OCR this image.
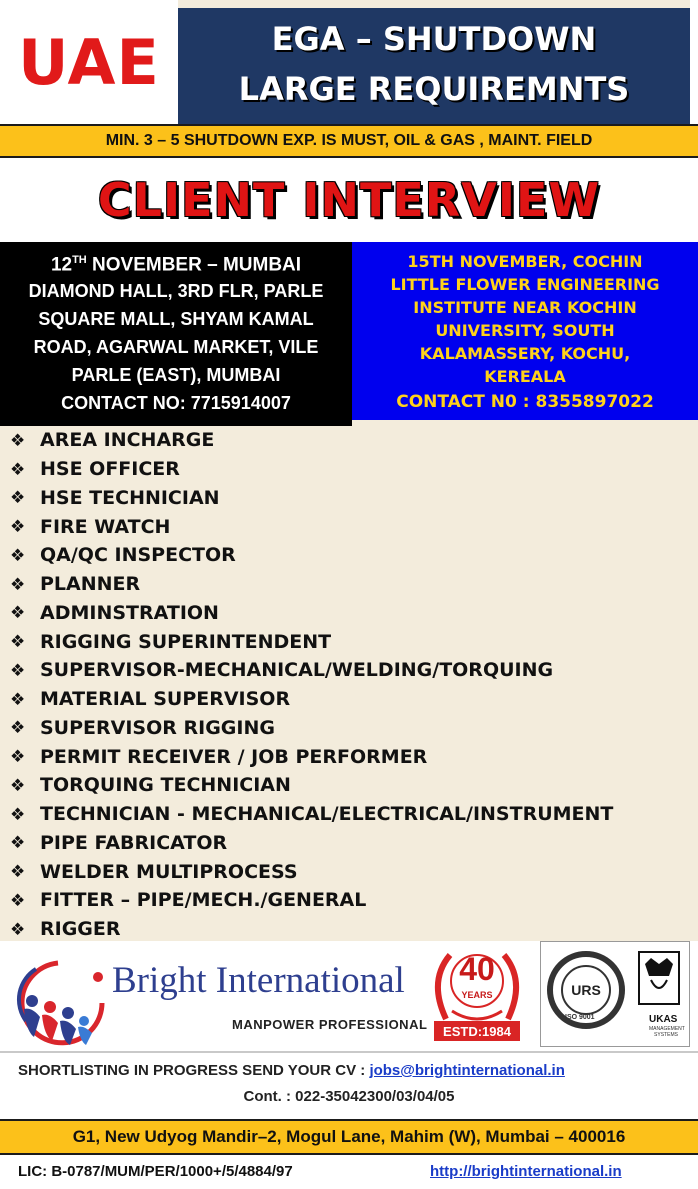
UAE	EGA – SHUTDOWN
LARGE REQUIREMNTS
MIN. 3 – 5 SHUTDOWN EXP. IS MUST, OIL & GAS , MAINT. FIELD
CLIENT INTERVIEW
12TH NOVEMBER – MUMBAI
DIAMOND HALL, 3RD FLR, PARLE
SQUARE MALL, SHYAM KAMAL
ROAD, AGARWAL MARKET, VILE
PARLE (EAST), MUMBAI
CONTACT NO: 7715914007
15TH NOVEMBER, COCHIN
LITTLE FLOWER ENGINEERING
INSTITUTE NEAR KOCHIN
UNIVERSITY, SOUTH
KALAMASSERY, KOCHU,
KEREALA
CONTACT N0 : 8355897022
❖ AREA INCHARGE
❖ HSE OFFICER
❖ HSE TECHNICIAN
❖ FIRE WATCH
❖ QA/QC INSPECTOR
❖ PLANNER
❖ ADMINSTRATION
❖ RIGGING SUPERINTENDENT
❖ SUPERVISOR-MECHANICAL/WELDING/TORQUING
❖ MATERIAL SUPERVISOR
❖ SUPERVISOR RIGGING
❖ PERMIT RECEIVER / JOB PERFORMER
❖ TORQUING TECHNICIAN
❖ TECHNICIAN - MECHANICAL/ELECTRICAL/INSTRUMENT
❖ PIPE FABRICATOR
❖ WELDER MULTIPROCESS
❖ FITTER – PIPE/MECH./GENERAL
❖ RIGGER
Bright International
MANPOWER PROFESSIONAL
40
YEARS
ESTD:1984
URS
ISO 9001	UKAS
MANAGEMENT SYSTEMS
SHORTLISTING IN PROGRESS SEND YOUR CV : jobs@brightinternational.in
Cont. : 022-35042300/03/04/05
G1, New Udyog Mandir–2, Mogul Lane, Mahim (W), Mumbai – 400016
LIC: B-0787/MUM/PER/1000+/5/4884/97	http://brightinternational.in
